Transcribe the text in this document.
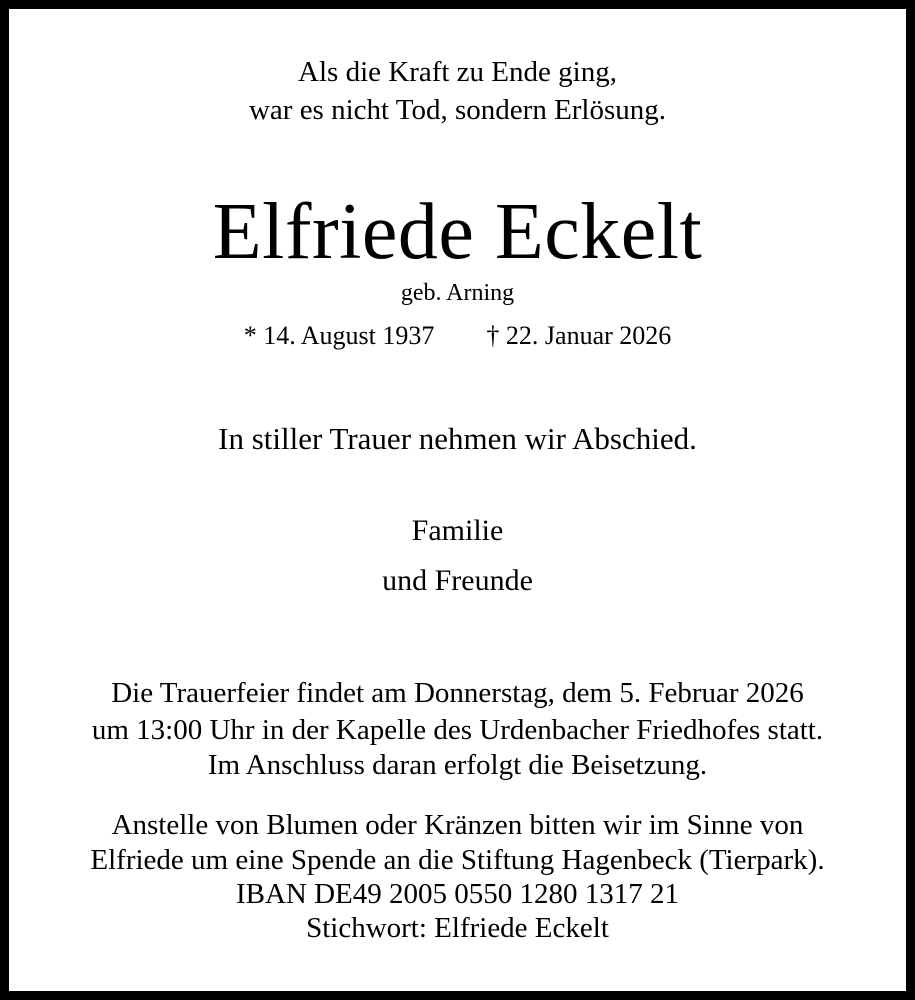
Als die Kraft zu Ende ging,
war es nicht Tod, sondern Erlösung.
Elfriede Eckelt
geb. Arning
* 14. August 1937 † 22. Januar 2026
In stiller Trauer nehmen wir Abschied.
Familie
und Freunde
Die Trauerfeier findet am Donnerstag, dem 5. Februar 2026
um 13:00 Uhr in der Kapelle des Urdenbacher Friedhofes statt.
Im Anschluss daran erfolgt die Beisetzung.
Anstelle von Blumen oder Kränzen bitten wir im Sinne von
Elfriede um eine Spende an die Stiftung Hagenbeck (Tierpark).
IBAN DE49 2005 0550 1280 1317 21
Stichwort: Elfriede Eckelt
